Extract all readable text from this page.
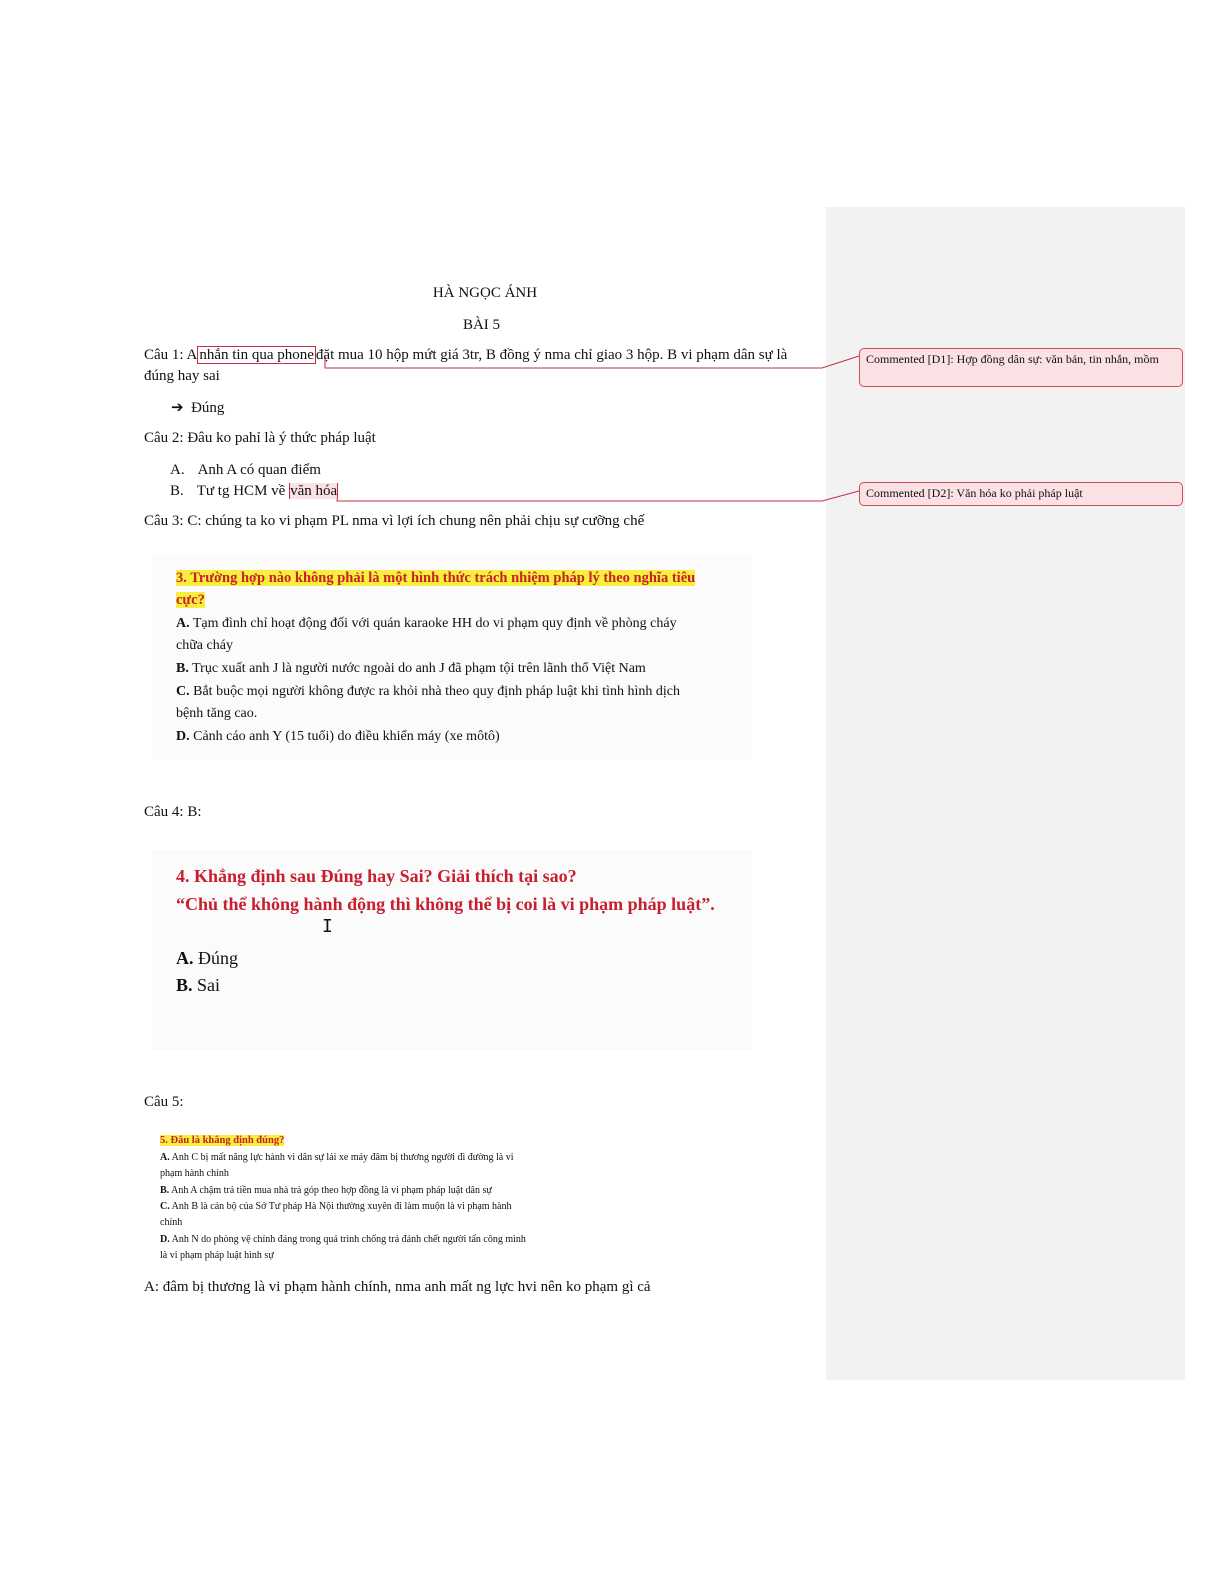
HÀ NGỌC ÁNH
BÀI 5
Câu 1: A nhắn tin qua phone đặt mua 10 hộp mứt giá 3tr, B đồng ý nma chỉ giao 3 hộp. B vi phạm dân sự là
đúng hay sai
➔ Đúng
Câu 2: Đâu ko pahỉ là ý thức pháp luật
A. Anh A có quan điểm
B. Tư tg HCM về văn hóa
Câu 3: C: chúng ta ko vi phạm PL nma vì lợi ích chung nên phải chịu sự cưỡng chế
3. Trường hợp nào không phải là một hình thức trách nhiệm pháp lý theo nghĩa tiêu
cực?
A. Tạm đình chỉ hoạt động đối với quán karaoke HH do vi phạm quy định về phòng cháy
chữa cháy
B. Trục xuất anh J là người nước ngoài do anh J đã phạm tội trên lãnh thổ Việt Nam
C. Bắt buộc mọi người không được ra khỏi nhà theo quy định pháp luật khi tình hình dịch
bệnh tăng cao.
D. Cảnh cáo anh Y (15 tuổi) do điều khiển máy (xe môtô)
Câu 4: B:
4. Khẳng định sau Đúng hay Sai? Giải thích tại sao?
“Chủ thể không hành động thì không thể bị coi là vi phạm pháp luật”.
I
A. Đúng
B. Sai
Câu 5:
5. Đâu là khẳng định đúng?
A. Anh C bị mất năng lực hành vi dân sự lái xe máy đâm bị thương người đi đường là vi
phạm hành chính
B. Anh A chậm trả tiền mua nhà trả góp theo hợp đồng là vi phạm pháp luật dân sự
C. Anh B là cán bộ của Sở Tư pháp Hà Nội thường xuyên đi làm muộn là vi phạm hành
chính
D. Anh N do phòng vệ chính đáng trong quá trình chống trả đánh chết người tấn công mình
là vi phạm pháp luật hình sự
A: đâm bị thương là vi phạm hành chính, nma anh mất ng lực hvi nên ko phạm gì cả
Commented [D1]: Hợp đồng dân sự: văn bản, tin nhắn, mồm
Commented [D2]: Văn hóa ko phải pháp luật
